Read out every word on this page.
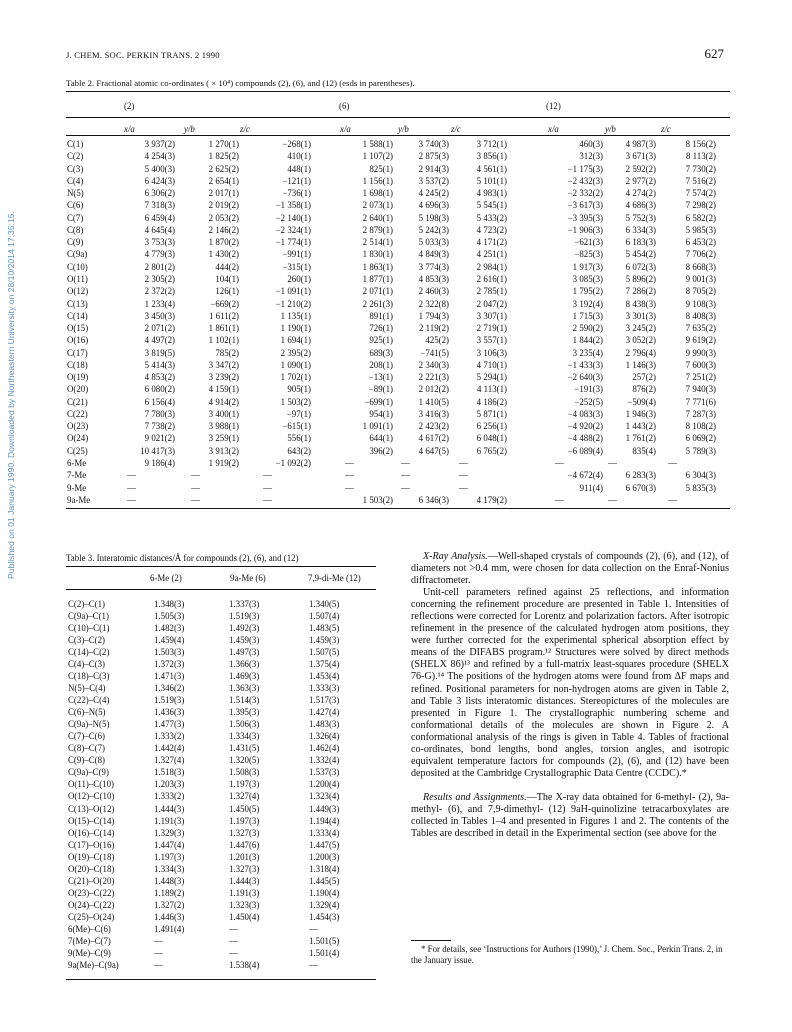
Published on 01 January 1990. Downloaded by Northeastern University on 28/10/2014 17:35:15.
J. CHEM. SOC. PERKIN TRANS. 2 1990	627
Table 2. Fractional atomic co-ordinates ( × 10⁴) compounds (2), (6), and (12) (esds in parentheses).
(2)	(6)	(12)
x/a	y/b	z/c	x/a	y/b	z/c	x/a	y/b	z/c
C(1)	3 937(2)	1 270(1)	−268(1)	1 588(1)	3 740(3)	3 712(1)	460(3)	4 987(3)	8 156(2)
C(2)	4 254(3)	1 825(2)	410(1)	1 107(2)	2 875(3)	3 856(1)	312(3)	3 671(3)	8 113(2)
C(3)	5 400(3)	2 625(2)	448(1)	825(1)	2 914(3)	4 561(1)	−1 175(3)	2 592(2)	7 730(2)
C(4)	6 424(3)	2 654(1)	−121(1)	1 156(1)	3 537(2)	5 101(1)	−2 432(3)	2 977(2)	7 516(2)
N(5)	6 306(2)	2 017(1)	−736(1)	1 698(1)	4 245(2)	4 983(1)	−2 332(2)	4 274(2)	7 574(2)
C(6)	7 318(3)	2 019(2)	−1 358(1)	2 073(1)	4 696(3)	5 545(1)	−3 617(3)	4 686(3)	7 298(2)
C(7)	6 459(4)	2 053(2)	−2 140(1)	2 640(1)	5 198(3)	5 433(2)	−3 395(3)	5 752(3)	6 582(2)
C(8)	4 645(4)	2 146(2)	−2 324(1)	2 879(1)	5 242(3)	4 723(2)	−1 906(3)	6 334(3)	5 985(3)
C(9)	3 753(3)	1 870(2)	−1 774(1)	2 514(1)	5 033(3)	4 171(2)	−621(3)	6 183(3)	6 453(2)
C(9a)	4 779(3)	1 430(2)	−991(1)	1 830(1)	4 849(3)	4 251(1)	−825(3)	5 454(2)	7 706(2)
C(10)	2 801(2)	444(2)	−315(1)	1 863(1)	3 774(3)	2 984(1)	1 917(3)	6 072(3)	8 668(3)
O(11)	2 305(2)	104(1)	260(1)	1 877(1)	4 853(3)	2 616(1)	3 085(3)	5 896(2)	9 001(3)
O(12)	2 372(2)	126(1)	−1 091(1)	2 071(1)	2 460(3)	2 785(1)	1 795(2)	7 286(2)	8 705(2)
C(13)	1 233(4)	−669(2)	−1 210(2)	2 261(3)	2 322(8)	2 047(2)	3 192(4)	8 438(3)	9 108(3)
C(14)	3 450(3)	1 611(2)	1 135(1)	891(1)	1 794(3)	3 307(1)	1 715(3)	3 301(3)	8 408(3)
O(15)	2 071(2)	1 861(1)	1 190(1)	726(1)	2 119(2)	2 719(1)	2 590(2)	3 245(2)	7 635(2)
O(16)	4 497(2)	1 102(1)	1 694(1)	925(1)	425(2)	3 557(1)	1 844(2)	3 052(2)	9 619(2)
C(17)	3 819(5)	785(2)	2 395(2)	689(3)	−741(5)	3 106(3)	3 235(4)	2 796(4)	9 990(3)
C(18)	5 414(3)	3 347(2)	1 090(1)	208(1)	2 340(3)	4 710(1)	−1 433(3)	1 146(3)	7 600(3)
O(19)	4 853(2)	3 239(2)	1 702(1)	−13(1)	2 221(3)	5 294(1)	−2 640(3)	257(2)	7 251(2)
O(20)	6 080(2)	4 159(1)	905(1)	−89(1)	2 012(2)	4 113(1)	−191(3)	876(2)	7 940(3)
C(21)	6 156(4)	4 914(2)	1 503(2)	−699(1)	1 410(5)	4 186(2)	−252(5)	−509(4)	7 771(6)
C(22)	7 780(3)	3 400(1)	−97(1)	954(1)	3 416(3)	5 871(1)	−4 083(3)	1 946(3)	7 287(3)
O(23)	7 738(2)	3 988(1)	−615(1)	1 091(1)	2 423(2)	6 256(1)	−4 920(2)	1 443(2)	8 108(2)
O(24)	9 021(2)	3 259(1)	556(1)	644(1)	4 617(2)	6 048(1)	−4 488(2)	1 761(2)	6 069(2)
C(25)	10 417(3)	3 913(2)	643(2)	396(2)	4 647(5)	6 765(2)	−6 089(4)	835(4)	5 789(3)
6-Me	9 186(4)	1 919(2)	−1 092(2)	—	—	—	—	—	—
7-Me	—	—	—	—	—	—	−4 672(4)	6 283(3)	6 304(3)
9-Me	—	—	—	—	—	—	911(4)	6 670(3)	5 835(3)
9a-Me	—	—	—	1 503(2)	6 346(3)	4 179(2)	—	—	—
Table 3. Interatomic distances/Å for compounds (2), (6), and (12)
6-Me (2)	9a-Me (6)	7,9-di-Me (12)
C(2)–C(1)	1.348(3)	1.337(3)	1.340(5)
C(9a)–C(1)	1.505(3)	1.519(3)	1.507(4)
C(10)–C(1)	1.482(3)	1.492(3)	1.483(5)
C(3)–C(2)	1.459(4)	1.459(3)	1.459(3)
C(14)–C(2)	1.503(3)	1.497(3)	1.507(5)
C(4)–C(3)	1.372(3)	1.366(3)	1.375(4)
C(18)–C(3)	1.471(3)	1.469(3)	1.453(4)
N(5)–C(4)	1.346(2)	1.363(3)	1.333(3)
C(22)–C(4)	1.519(3)	1.514(3)	1.517(3)
C(6)–N(5)	1.436(3)	1.395(3)	1.427(4)
C(9a)–N(5)	1.477(3)	1.506(3)	1.483(3)
C(7)–C(6)	1.333(2)	1.334(3)	1.326(4)
C(8)–C(7)	1.442(4)	1.431(5)	1.462(4)
C(9)–C(8)	1.327(4)	1.320(5)	1.332(4)
C(9a)–C(9)	1.518(3)	1.508(3)	1.537(3)
O(11)–C(10)	1.203(3)	1.197(3)	1.200(4)
O(12)–C(10)	1.333(2)	1.327(4)	1.323(4)
C(13)–O(12)	1.444(3)	1.450(5)	1.449(3)
O(15)–C(14)	1.191(3)	1.197(3)	1.194(4)
O(16)–C(14)	1.329(3)	1.327(3)	1.333(4)
C(17)–O(16)	1.447(4)	1.447(6)	1.447(5)
O(19)–C(18)	1.197(3)	1.201(3)	1.200(3)
O(20)–C(18)	1.334(3)	1.327(3)	1.318(4)
C(21)–O(20)	1.448(3)	1.444(3)	1.445(5)
O(23)–C(22)	1.189(2)	1.191(3)	1.190(4)
O(24)–C(22)	1.327(2)	1.323(3)	1.329(4)
C(25)–O(24)	1.446(3)	1.450(4)	1.454(3)
6(Me)–C(6)	1.491(4)	—	—
7(Me)–C(7)	—	—	1.501(5)
9(Me)–C(9)	—	—	1.501(4)
9a(Me)–C(9a)	—	1.538(4)	—

X-Ray Analysis.—Well-shaped crystals of compounds (2), (6), and (12), of diameters not >0.4 mm, were chosen for data collection on the Enraf-Nonius diffractometer.

Unit-cell parameters refined against 25 reflections, and information concerning the refinement procedure are presented in Table 1. Intensities of reflections were corrected for Lorentz and polarization factors. After isotropic refinement in the presence of the calculated hydrogen atom positions, they were further corrected for the experimental spherical absorption effect by means of the DIFABS program.¹² Structures were solved by direct methods (SHELX 86)¹³ and refined by a full-matrix least-squares procedure (SHELX 76-G).¹⁴ The positions of the hydrogen atoms were found from ΔF maps and refined. Positional parameters for non-hydrogen atoms are given in Table 2, and Table 3 lists interatomic distances. Stereopictures of the molecules are presented in Figure 1. The crystallographic numbering scheme and conformational details of the molecules are shown in Figure 2. A conformational analysis of the rings is given in Table 4. Tables of fractional co-ordinates, bond lengths, bond angles, torsion angles, and isotropic equivalent temperature factors for compounds (2), (6), and (12) have been deposited at the Cambridge Crystallographic Data Centre (CCDC).*

Results and Assignments.—The X-ray data obtained for 6-methyl- (2), 9a-methyl- (6), and 7,9-dimethyl- (12) 9aH-quinolizine tetracarboxylates are collected in Tables 1–4 and presented in Figures 1 and 2. The contents of the Tables are described in detail in the Experimental section (see above for the

* For details, see ‘Instructions for Authors (1990),’ J. Chem. Soc., Perkin Trans. 2, in the January issue.
